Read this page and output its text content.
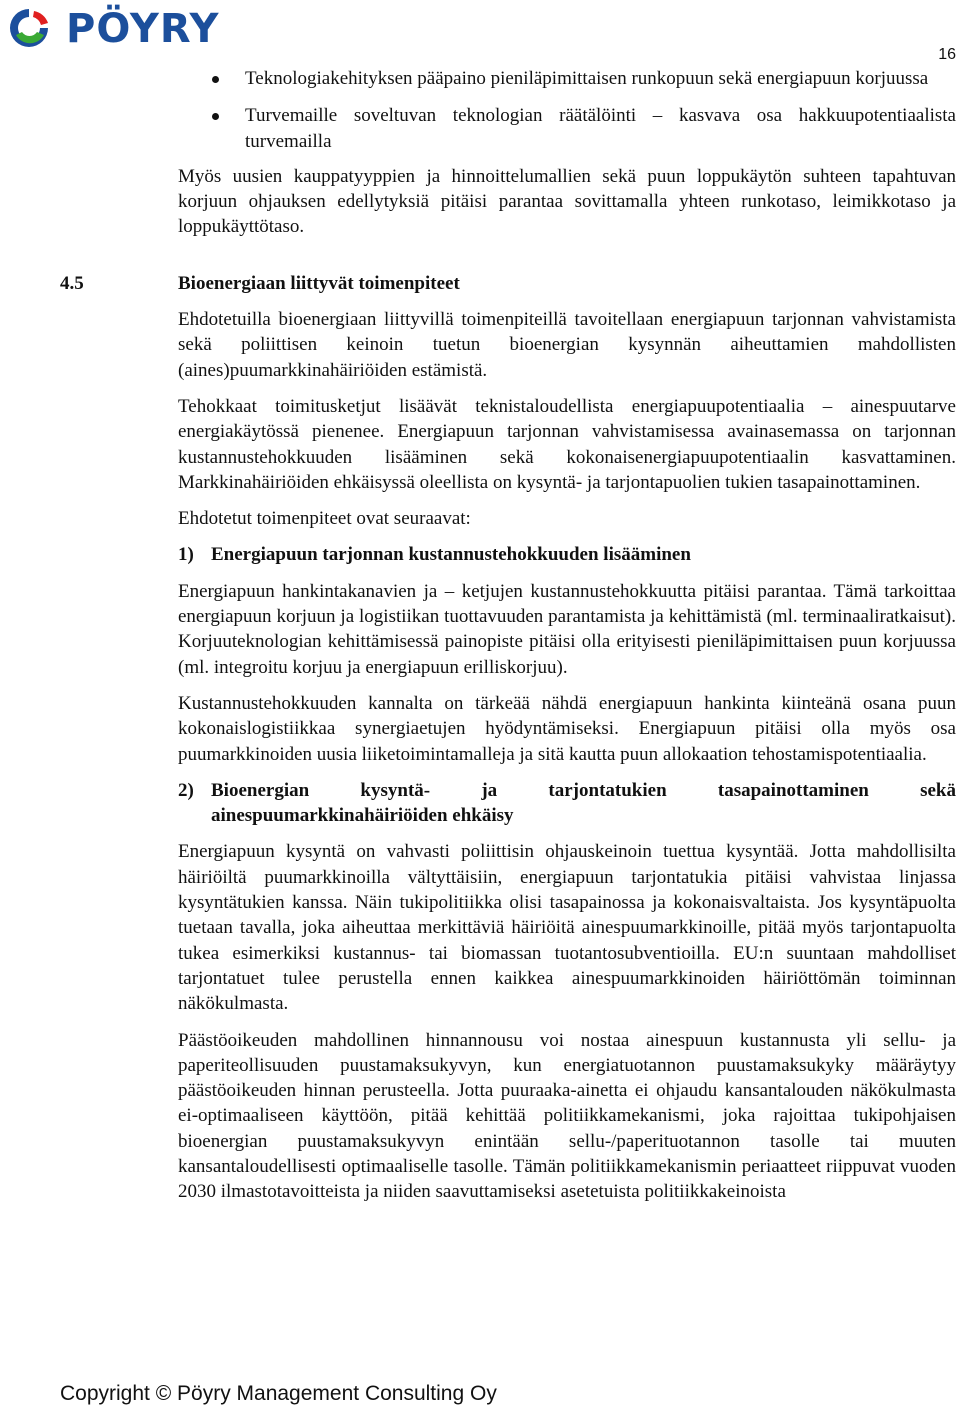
PÖYRY
16
Teknologiakehityksen pääpaino pieniläpimittaisen runkopuun sekä energiapuun korjuussa
Turvemaille soveltuvan teknologian räätälöinti – kasvava osa hakkuupotentiaalista turvemailla

Myös uusien kauppatyyppien ja hinnoittelumallien sekä puun loppukäytön suhteen tapahtuvan korjuun ohjauksen edellytyksiä pitäisi parantaa sovittamalla yhteen runkotaso, leimikkotaso ja loppukäyttötaso.

4.5	Bioenergiaan liittyvät toimenpiteet

Ehdotetuilla bioenergiaan liittyvillä toimenpiteillä tavoitellaan energiapuun tarjonnan vahvistamista sekä poliittisen keinoin tuetun bioenergian kysynnän aiheuttamien mahdollisten (aines)puumarkkinahäiriöiden estämistä.

Tehokkaat toimitusketjut lisäävät teknistaloudellista energiapuupotentiaalia – ainespuutarve energiakäytössä pienenee. Energiapuun tarjonnan vahvistamisessa avainasemassa on tarjonnan kustannustehokkuuden lisääminen sekä kokonaisenergiapuupotentiaalin kasvattaminen. Markkinahäiriöiden ehkäisyssä oleellista on kysyntä- ja tarjontapuolien tukien tasapainottaminen.

Ehdotetut toimenpiteet ovat seuraavat:

1) Energiapuun tarjonnan kustannustehokkuuden lisääminen

Energiapuun hankintakanavien ja – ketjujen kustannustehokkuutta pitäisi parantaa. Tämä tarkoittaa energiapuun korjuun ja logistiikan tuottavuuden parantamista ja kehittämistä (ml. terminaaliratkaisut). Korjuuteknologian kehittämisessä painopiste pitäisi olla erityisesti pieniläpimittaisen puun korjuussa (ml. integroitu korjuu ja energiapuun erilliskorjuu).

Kustannustehokkuuden kannalta on tärkeää nähdä energiapuun hankinta kiinteänä osana puun kokonaislogistiikkaa synergiaetujen hyödyntämiseksi. Energiapuun pitäisi olla myös osa puumarkkinoiden uusia liiketoimintamalleja ja sitä kautta puun allokaation tehostamispotentiaalia.

2) Bioenergian kysyntä- ja tarjontatukien tasapainottaminen sekä ainespuumarkkinahäiriöiden ehkäisy

Energiapuun kysyntä on vahvasti poliittisin ohjauskeinoin tuettua kysyntää. Jotta mahdollisilta häiriöiltä puumarkkinoilla vältyttäisiin, energiapuun tarjontatukia pitäisi vahvistaa linjassa kysyntätukien kanssa. Näin tukipolitiikka olisi tasapainossa ja kokonaisvaltaista. Jos kysyntäpuolta tuetaan tavalla, joka aiheuttaa merkittäviä häiriöitä ainespuumarkkinoille, pitää myös tarjontapuolta tukea esimerkiksi kustannus- tai biomassan tuotantosubventioilla. EU:n suuntaan mahdolliset tarjontatuet tulee perustella ennen kaikkea ainespuumarkkinoiden häiriöttömän toiminnan näkökulmasta.

Päästöoikeuden mahdollinen hinnannousu voi nostaa ainespuun kustannusta yli sellu- ja paperiteollisuuden puustamaksukyvyn, kun energiatuotannon puustamaksukyky määräytyy päästöoikeuden hinnan perusteella. Jotta puuraaka-ainetta ei ohjaudu kansantalouden näkökulmasta ei-optimaaliseen käyttöön, pitää kehittää politiikkamekanismi, joka rajoittaa tukipohjaisen bioenergian puustamaksukyvyn enintään sellu-/paperituotannon tasolle tai muuten kansantaloudellisesti optimaaliselle tasolle. Tämän politiikkamekanismin periaatteet riippuvat vuoden 2030 ilmastotavoitteista ja niiden saavuttamiseksi asetetuista politiikkakeinoista

Copyright © Pöyry Management Consulting Oy
